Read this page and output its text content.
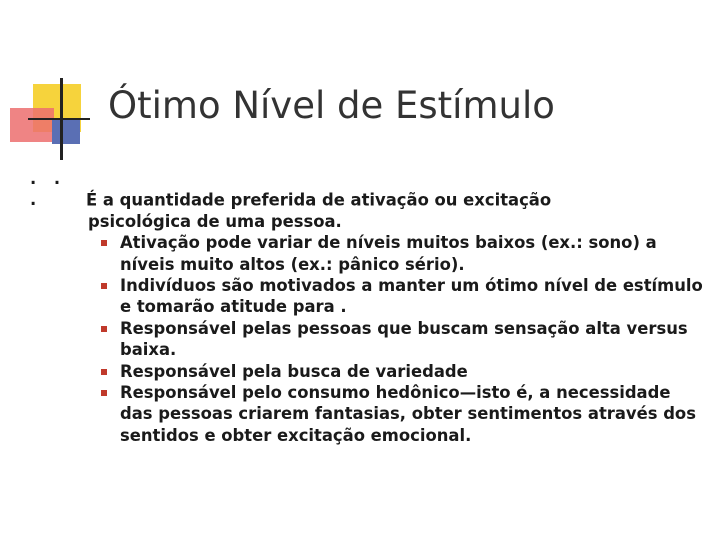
Ótimo Nível de Estímulo
. . .	É a quantidade preferida de ativação ou excitação
psicológica de uma pessoa.
Ativação pode variar de níveis muitos baixos (ex.: sono) a níveis muito altos (ex.: pânico sério).
Indivíduos são motivados a manter um ótimo nível de estímulo e tomarão atitude para .
Responsável pelas pessoas que buscam sensação alta versus baixa.
Responsável pela busca de variedade
Responsável pelo consumo hedônico—isto é, a necessidade das pessoas criarem fantasias, obter sentimentos através dos sentidos e obter excitação emocional.
